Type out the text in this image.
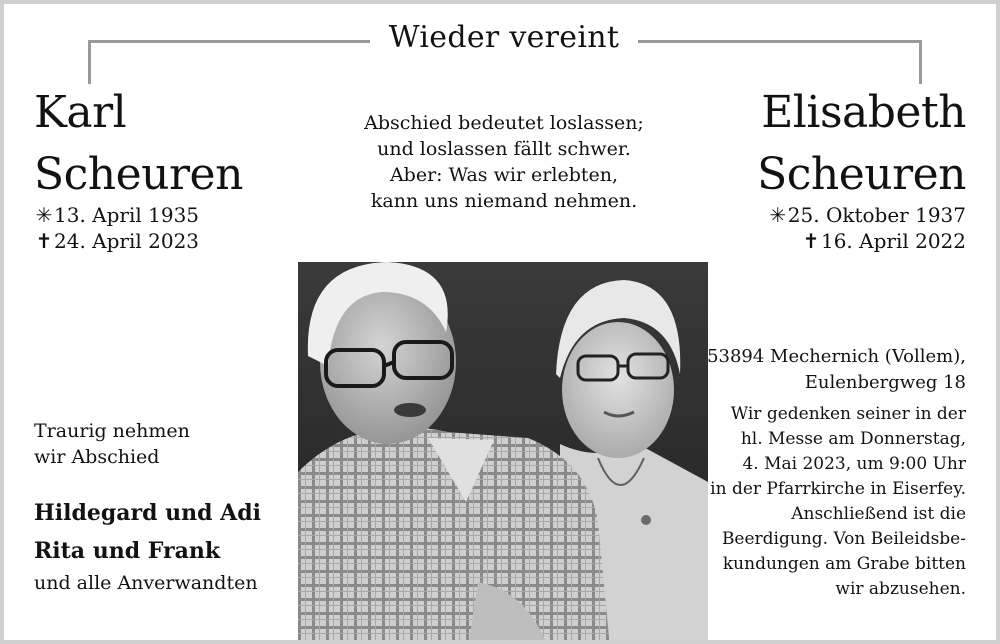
Wieder vereint
Karl
Scheuren
✳13. April 1935
✝24. April 2023
Elisabeth
Scheuren
✳25. Oktober 1937
✝16. April 2022
Abschied bedeutet loslassen;
und loslassen fällt schwer.
Aber: Was wir erlebten,
kann uns niemand nehmen.
Traurig nehmen
wir Abschied
Hildegard und Adi
Rita und Frank
und alle Anverwandten
53894 Mechernich (Vollem),
Eulenbergweg 18
Wir gedenken seiner in der
hl. Messe am Donnerstag,
4. Mai 2023, um 9:00 Uhr
in der Pfarrkirche in Eiserfey.
Anschließend ist die
Beerdigung. Von Beileidsbe-
kundungen am Grabe bitten
wir abzusehen.
